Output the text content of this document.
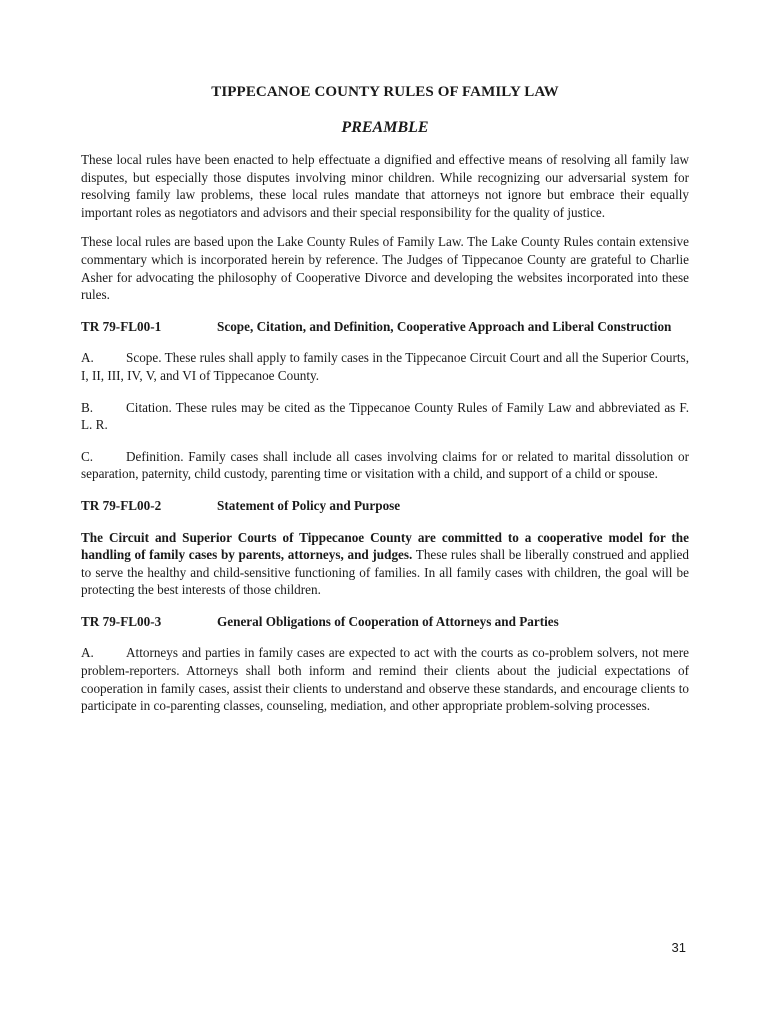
TIPPECANOE COUNTY RULES OF FAMILY LAW
PREAMBLE

These local rules have been enacted to help effectuate a dignified and effective means of resolving all family law disputes, but especially those disputes involving minor children. While recognizing our adversarial system for resolving family law problems, these local rules mandate that attorneys not ignore but embrace their equally important roles as negotiators and advisors and their special responsibility for the quality of justice.

These local rules are based upon the Lake County Rules of Family Law. The Lake County Rules contain extensive commentary which is incorporated herein by reference. The Judges of Tippecanoe County are grateful to Charlie Asher for advocating the philosophy of Cooperative Divorce and developing the websites incorporated into these rules.

TR 79-FL00-1	Scope, Citation, and Definition, Cooperative Approach and Liberal Construction

A. Scope. These rules shall apply to family cases in the Tippecanoe Circuit Court and all the Superior Courts, I, II, III, IV, V, and VI of Tippecanoe County.

B. Citation. These rules may be cited as the Tippecanoe County Rules of Family Law and abbreviated as F. L. R.

C. Definition. Family cases shall include all cases involving claims for or related to marital dissolution or separation, paternity, child custody, parenting time or visitation with a child, and support of a child or spouse.

TR 79-FL00-2	Statement of Policy and Purpose

The Circuit and Superior Courts of Tippecanoe County are committed to a cooperative model for the handling of family cases by parents, attorneys, and judges. These rules shall be liberally construed and applied to serve the healthy and child-sensitive functioning of families. In all family cases with children, the goal will be protecting the best interests of those children.

TR 79-FL00-3	General Obligations of Cooperation of Attorneys and Parties

A. Attorneys and parties in family cases are expected to act with the courts as co-problem solvers, not mere problem-reporters. Attorneys shall both inform and remind their clients about the judicial expectations of cooperation in family cases, assist their clients to understand and observe these standards, and encourage clients to participate in co-parenting classes, counseling, mediation, and other appropriate problem-solving processes.

31
